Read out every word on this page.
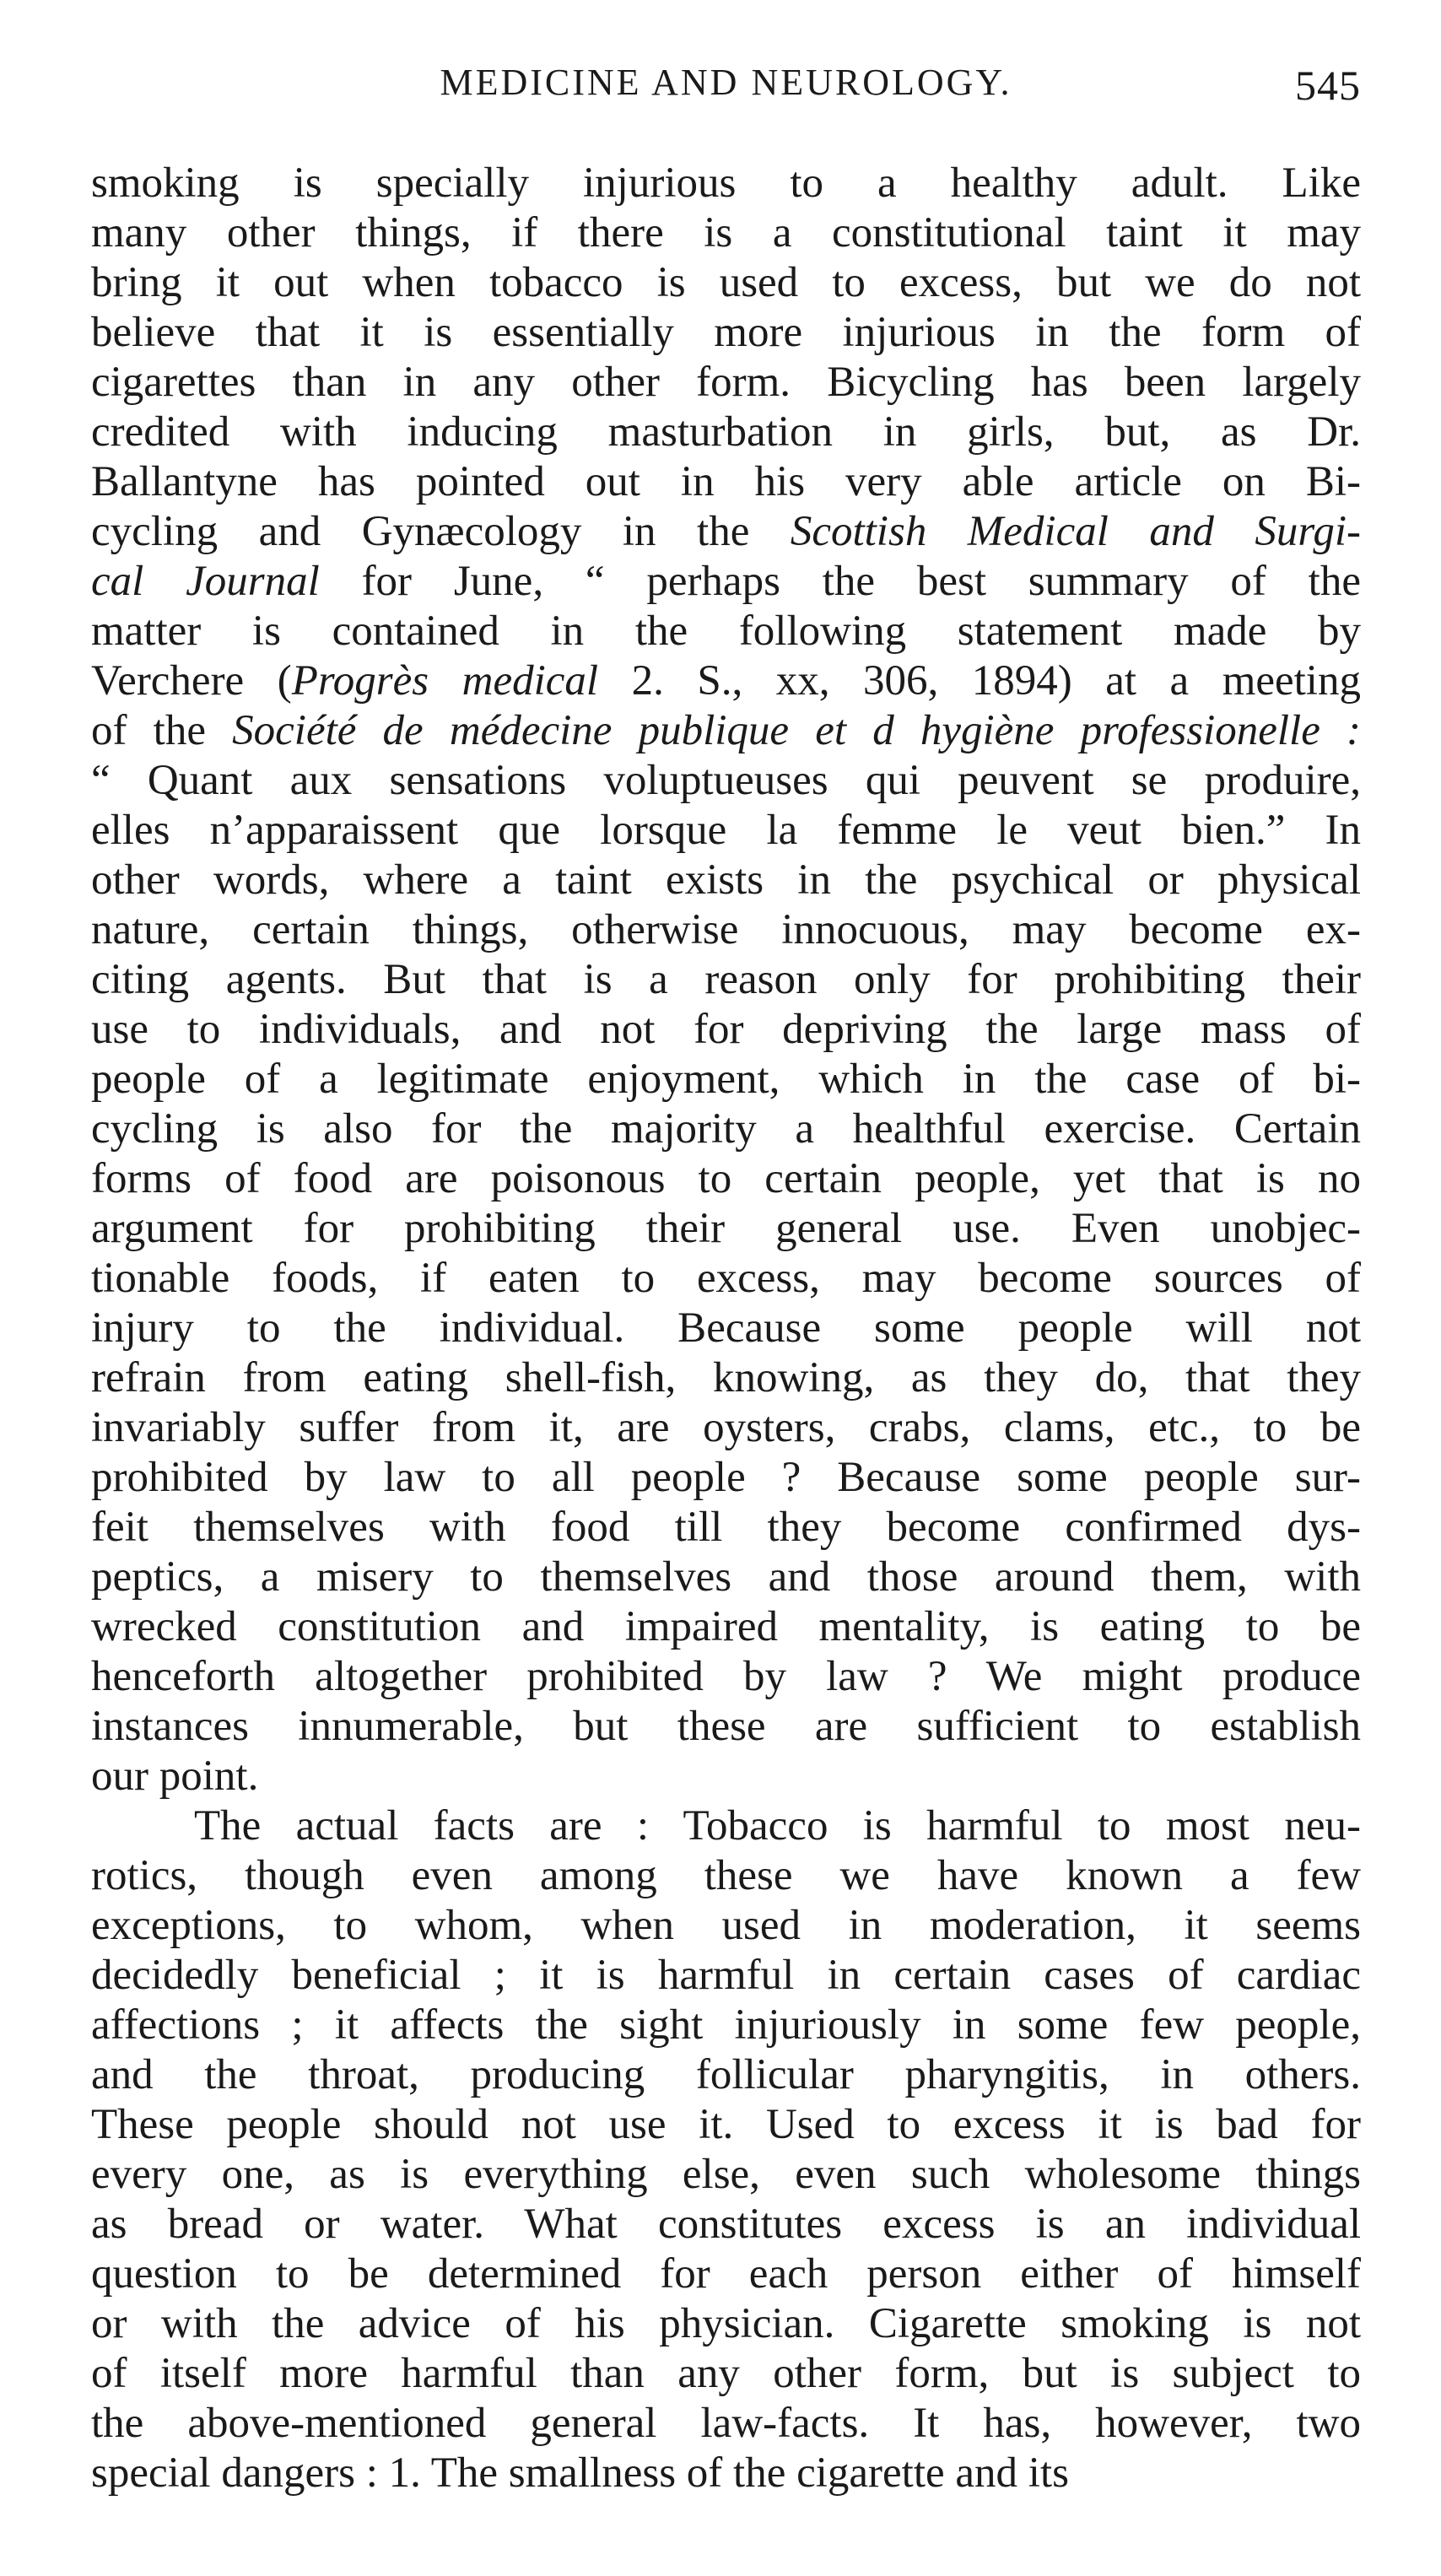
MEDICINE AND NEUROLOGY.	545
smoking is specially injurious to a healthy adult. Like
many other things, if there is a constitutional taint it may
bring it out when tobacco is used to excess, but we do not
believe that it is essentially more injurious in the form of
cigarettes than in any other form. Bicycling has been largely
credited with inducing masturbation in girls, but, as Dr.
Ballantyne has pointed out in his very able article on Bi-
cycling and Gynæcology in the Scottish Medical and Surgi-
cal Journal for June, “ perhaps the best summary of the
matter is contained in the following statement made by
Verchere (Progrès medical 2. S., xx, 306, 1894) at a meeting
of the Société de médecine publique et d hygiène professionelle :
“ Quant aux sensations voluptueuses qui peuvent se produire,
elles n’apparaissent que lorsque la femme le veut bien.” In
other words, where a taint exists in the psychical or physical
nature, certain things, otherwise innocuous, may become ex-
citing agents. But that is a reason only for prohibiting their
use to individuals, and not for depriving the large mass of
people of a legitimate enjoyment, which in the case of bi-
cycling is also for the majority a healthful exercise. Certain
forms of food are poisonous to certain people, yet that is no
argument for prohibiting their general use. Even unobjec-
tionable foods, if eaten to excess, may become sources of
injury to the individual. Because some people will not
refrain from eating shell-fish, knowing, as they do, that they
invariably suffer from it, are oysters, crabs, clams, etc., to be
prohibited by law to all people ? Because some people sur-
feit themselves with food till they become confirmed dys-
peptics, a misery to themselves and those around them, with
wrecked constitution and impaired mentality, is eating to be
henceforth altogether prohibited by law ? We might produce
instances innumerable, but these are sufficient to establish
our point.
The actual facts are : Tobacco is harmful to most neu-
rotics, though even among these we have known a few
exceptions, to whom, when used in moderation, it seems
decidedly beneficial ; it is harmful in certain cases of cardiac
affections ; it affects the sight injuriously in some few people,
and the throat, producing follicular pharyngitis, in others.
These people should not use it. Used to excess it is bad for
every one, as is everything else, even such wholesome things
as bread or water. What constitutes excess is an individual
question to be determined for each person either of himself
or with the advice of his physician. Cigarette smoking is not
of itself more harmful than any other form, but is subject to
the above-mentioned general law-facts. It has, however, two
special dangers : 1. The smallness of the cigarette and its
